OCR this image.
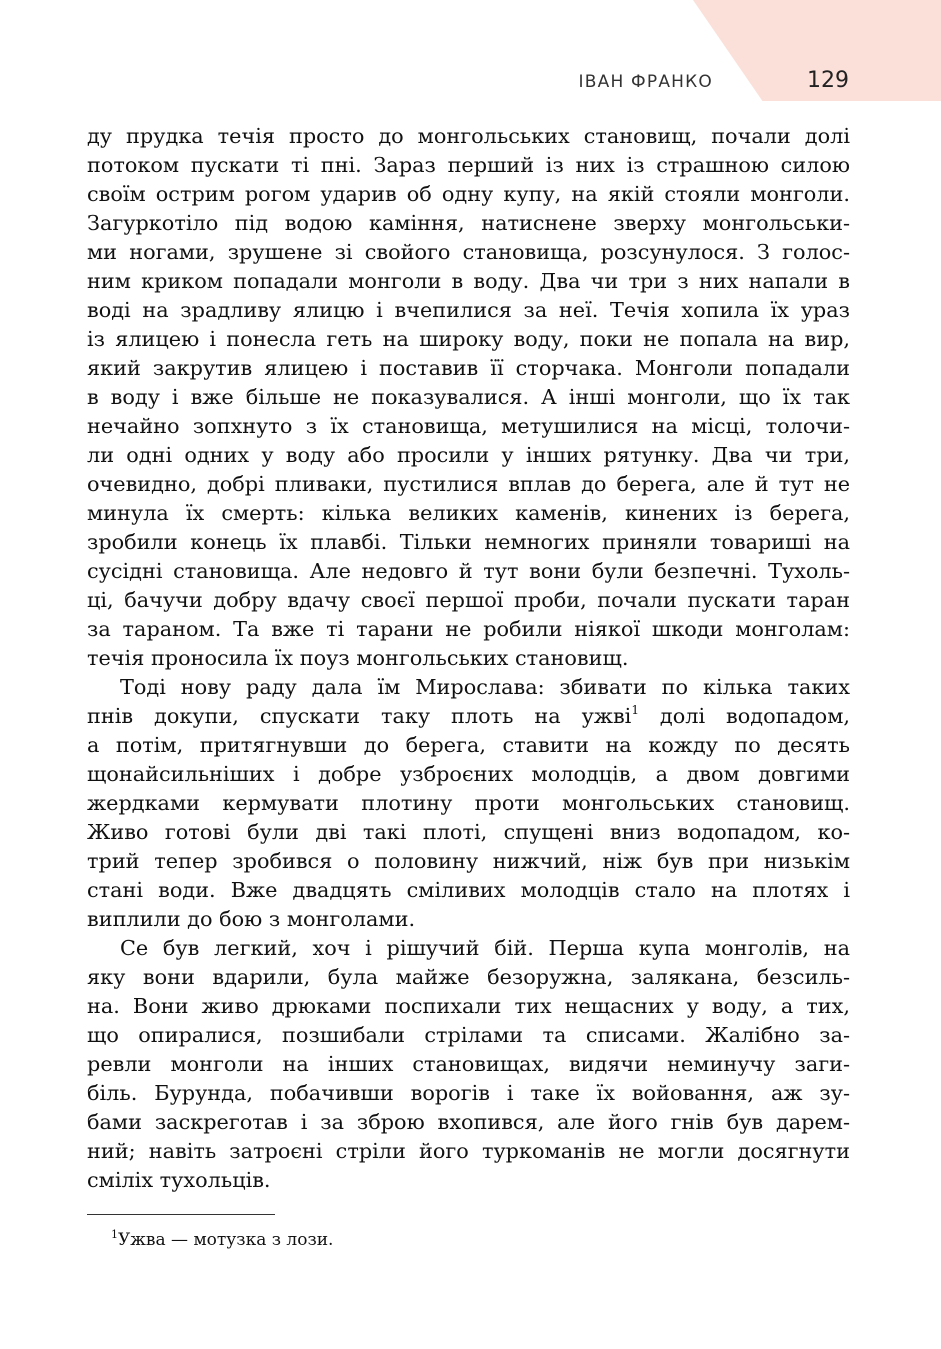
ІВАН ФРАНКО	129
ду прудка течія просто до монгольських становищ, почали долі
потоком пускати ті пні. Зараз перший із них із страшною силою
своїм острим рогом ударив об одну купу, на якій стояли монголи.
Загуркотіло під водою каміння, натиснене зверху монгольськи-
ми ногами, зрушене зі свойого становища, розсунулося. З голос-
ним криком попадали монголи в воду. Два чи три з них напали в
воді на зрадливу ялицю і вчепилися за неї. Течія хопила їх ураз
із ялицею і понесла геть на широку воду, поки не попала на вир,
який закрутив ялицею і поставив її сторчака. Монголи попадали
в воду і вже більше не показувалися. А інші монголи, що їх так
нечайно зопхнуто з їх становища, метушилися на місці, толочи-
ли одні одних у воду або просили у інших рятунку. Два чи три,
очевидно, добрі пливаки, пустилися вплав до берега, але й тут не
минула їх смерть: кілька великих каменів, кинених із берега,
зробили конець їх плавбі. Тільки немногих приняли товариші на
сусідні становища. Але недовго й тут вони були безпечні. Тухоль-
ці, бачучи добру вдачу своєї першої проби, почали пускати таран
за тараном. Та вже ті тарани не робили ніякої шкоди монголам:
течія проносила їх поуз монгольських становищ.
Тоді нову раду дала їм Мирослава: збивати по кілька таких
пнів докупи, спускати таку плоть на ужві$^1$ долі водопадом,
а потім, притягнувши до берега, ставити на кожду по десять
щонайсильніших і добре узброєних молодців, а двом довгими
жердками кермувати плотину проти монгольських становищ.
Живо готові були дві такі плоті, спущені вниз водопадом, ко-
трий тепер зробився о половину нижчий, ніж був при низькім
стані води. Вже двадцять сміливих молодців стало на плотях і
виплили до бою з монголами.
Се був легкий, хоч і рішучий бій. Перша купа монголів, на
яку вони вдарили, була майже безоружна, залякана, безсиль-
на. Вони живо дрюками поспихали тих нещасних у воду, а тих,
що опиралися, позшибали стрілами та списами. Жалібно за-
ревли монголи на інших становищах, видячи неминучу заги-
біль. Бурунда, побачивши ворогів і таке їх войовання, аж зу-
бами заскреготав і за зброю вхопився, але його гнів був дарем-
ний; навіть затроєні стріли його туркоманів не могли досягнути
сміліх тухольців.
$^1$Ужва — мотузка з лози.
